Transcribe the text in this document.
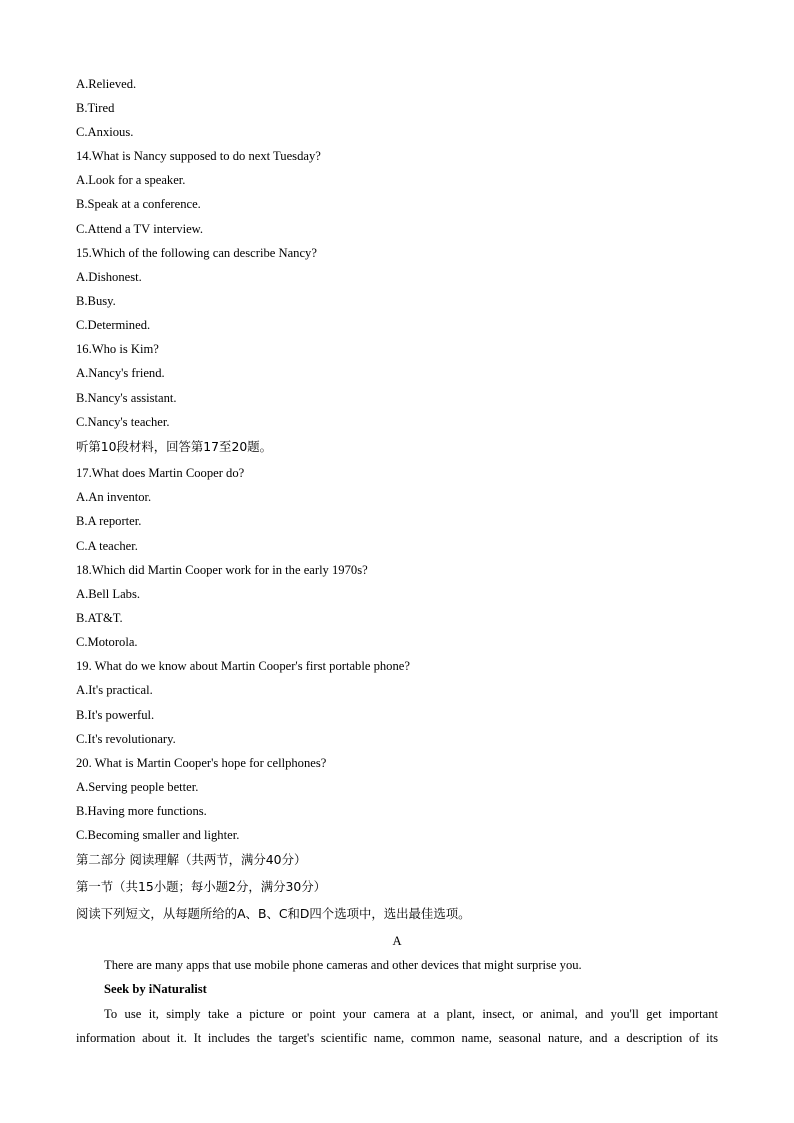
A.Relieved.
B.Tired
C.Anxious.
14.What is Nancy supposed to do next Tuesday?
A.Look for a speaker.
B.Speak at a conference.
C.Attend a TV interview.
15.Which of the following can describe Nancy?
A.Dishonest.
B.Busy.
C.Determined.
16.Who is Kim?
A.Nancy's friend.
B.Nancy's assistant.
C.Nancy's teacher.
听第10段材料，回答第17至20题。
17.What does Martin Cooper do?
A.An inventor.
B.A reporter.
C.A teacher.
18.Which did Martin Cooper work for in the early 1970s?
A.Bell Labs.
B.AT&T.
C.Motorola.
19. What do we know about Martin Cooper's first portable phone?
A.It's practical.
B.It's powerful.
C.It's revolutionary.
20. What is Martin Cooper's hope for cellphones?
A.Serving people better.
B.Having more functions.
C.Becoming smaller and lighter.
第二部分 阅读理解（共两节，满分40分）
第一节（共15小题；每小题2分，满分30分）
阅读下列短文，从每题所给的A、B、C和D四个选项中，选出最佳选项。
A
There are many apps that use mobile phone cameras and other devices that might surprise you.
Seek by iNaturalist
To use it, simply take a picture or point your camera at a plant, insect, or animal, and you'll get important
information about it. It includes the target's scientific name, common name, seasonal nature, and a description of its
